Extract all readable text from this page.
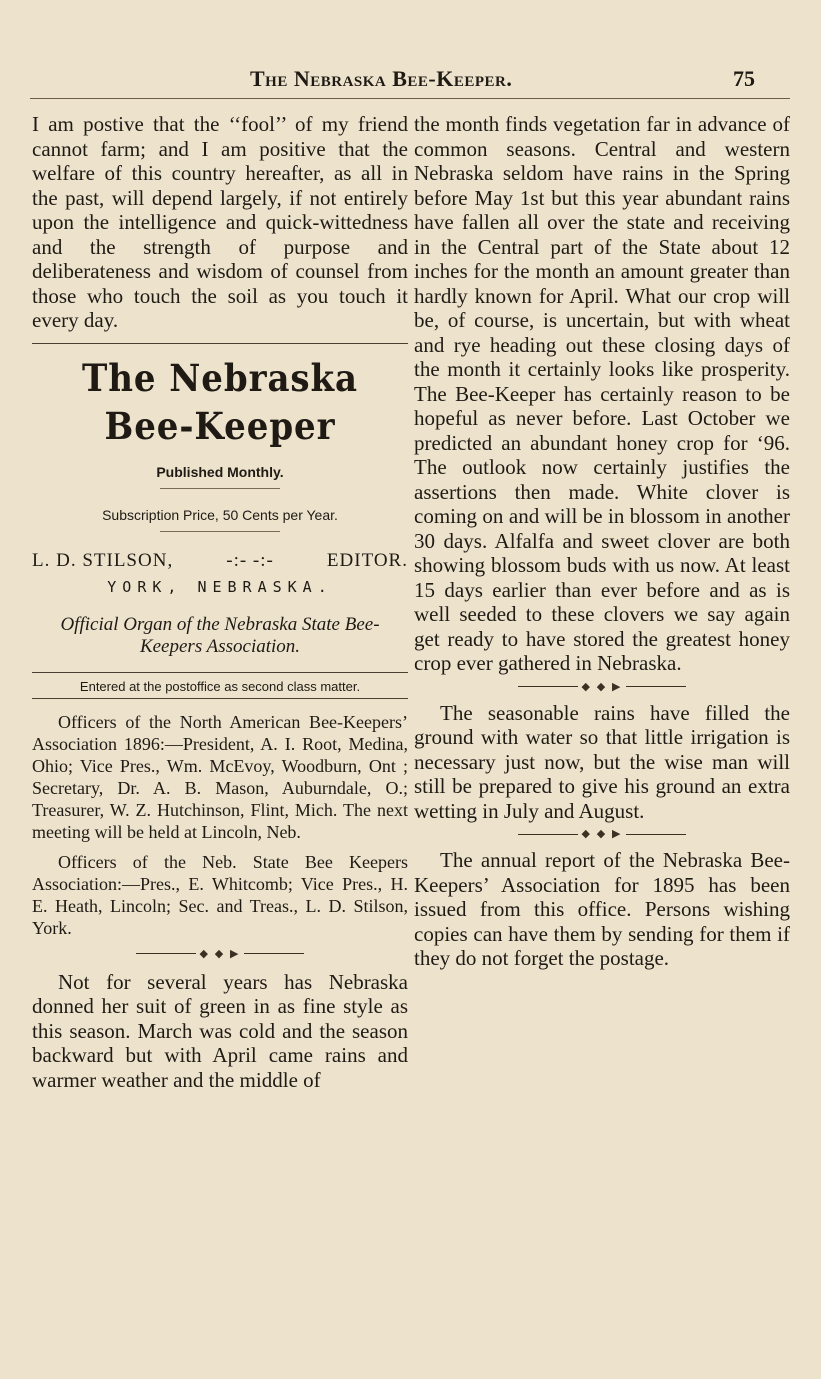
The Nebraska Bee-Keeper.	75

I am postive that the ‘‘fool’’ of my friend cannot farm; and I am positive that the welfare of this country hereafter, as all in the past, will depend largely, if not entirely upon the intelligence and quick-wittedness and the strength of purpose and deliberateness and wisdom of counsel from those who touch the soil as you touch it every day.

The Nebraska Bee-Keeper
Published Monthly.
Subscription Price, 50 Cents per Year.
L. D. STILSON,	-:- -:-	EDITOR.
YORK, NEBRASKA.
Official Organ of the Nebraska State Bee-Keepers Association.
Entered at the postoffice as second class matter.

Officers of the North American Bee-Keepers’ Association 1896:—President, A. I. Root, Medina, Ohio; Vice Pres., Wm. McEvoy, Woodburn, Ont ; Secretary, Dr. A. B. Mason, Auburndale, O.; Treasurer, W. Z. Hutchinson, Flint, Mich. The next meeting will be held at Lincoln, Neb.

Officers of the Neb. State Bee Keepers Association:—Pres., E. Whitcomb; Vice Pres., H. E. Heath, Lincoln; Sec. and Treas., L. D. Stilson, York.

◆ ◆ ▶

Not for several years has Nebraska donned her suit of green in as fine style as this season. March was cold and the season backward but with April came rains and warmer weather and the middle of

the month finds vegetation far in advance of common seasons. Central and western Nebraska seldom have rains in the Spring before May 1st but this year abundant rains have fallen all over the state and receiving in the Central part of the State about 12 inches for the month an amount greater than hardly known for April. What our crop will be, of course, is uncertain, but with wheat and rye heading out these closing days of the month it certainly looks like prosperity. The Bee-Keeper has certainly reason to be hopeful as never before. Last October we predicted an abundant honey crop for ‘96. The outlook now certainly justifies the assertions then made. White clover is coming on and will be in blossom in another 30 days. Alfalfa and sweet clover are both showing blossom buds with us now. At least 15 days earlier than ever before and as is well seeded to these clovers we say again get ready to have stored the greatest honey crop ever gathered in Nebraska.

◆ ◆ ▶

The seasonable rains have filled the ground with water so that little irrigation is necessary just now, but the wise man will still be prepared to give his ground an extra wetting in July and August.

◆ ◆ ▶

The annual report of the Nebraska Bee-Keepers’ Association for 1895 has been issued from this office. Persons wishing copies can have them by sending for them if they do not forget the postage.
